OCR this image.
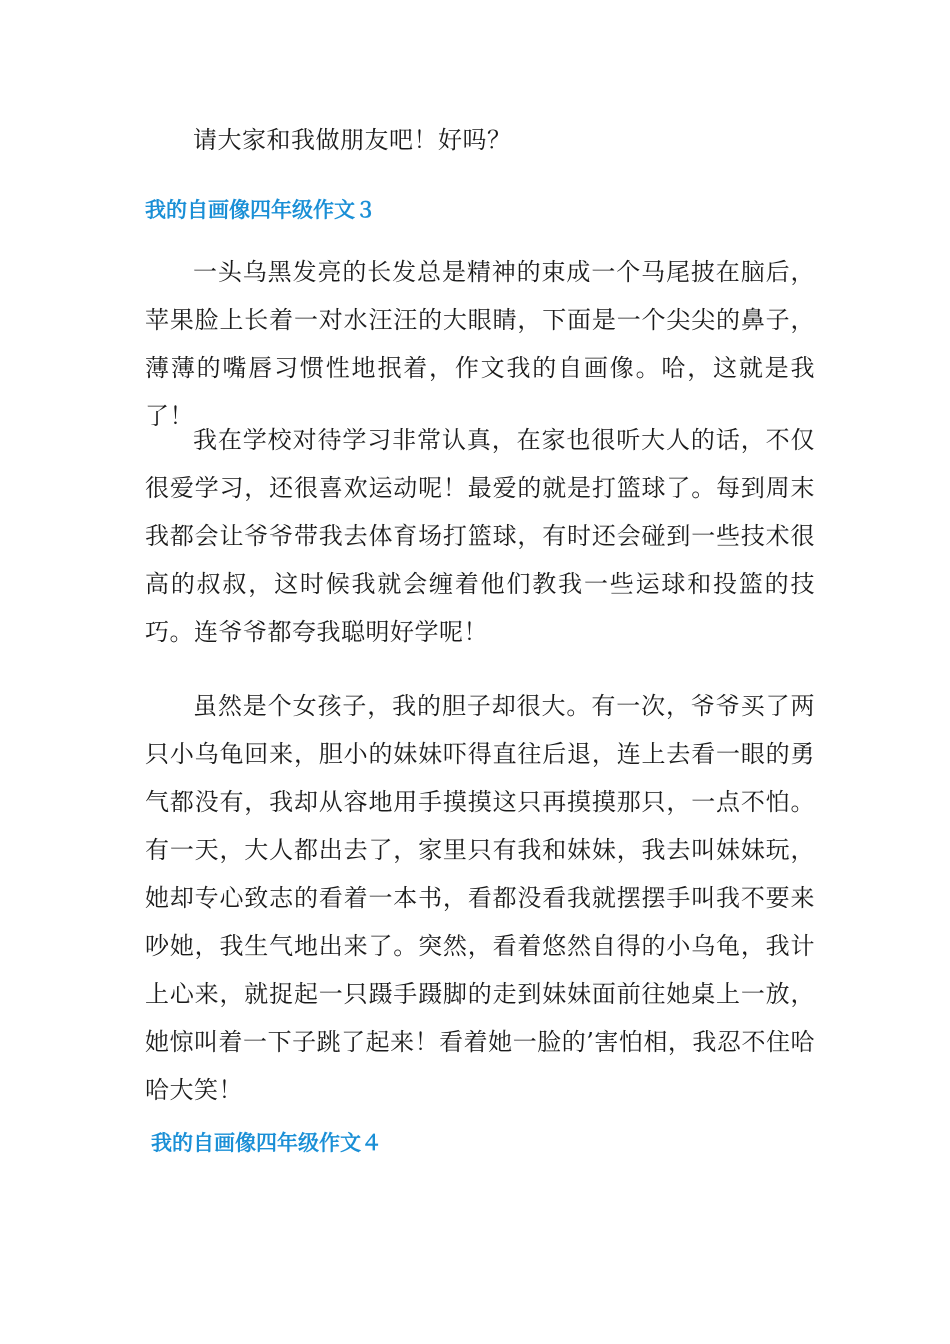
请大家和我做朋友吧！好吗？

我的自画像四年级作文３

一头乌黑发亮的长发总是精神的束成一个马尾披在脑后，苹果脸上长着一对水汪汪的大眼睛，下面是一个尖尖的鼻子，薄薄的嘴唇习惯性地抿着，作文我的自画像。哈，这就是我了！

我在学校对待学习非常认真，在家也很听大人的话，不仅很爱学习，还很喜欢运动呢！最爱的就是打篮球了。每到周末我都会让爷爷带我去体育场打篮球，有时还会碰到一些技术很高的叔叔，这时候我就会缠着他们教我一些运球和投篮的技巧。连爷爷都夸我聪明好学呢！

虽然是个女孩子，我的胆子却很大。有一次，爷爷买了两只小乌龟回来，胆小的妹妹吓得直往后退，连上去看一眼的勇气都没有，我却从容地用手摸摸这只再摸摸那只，一点不怕。有一天，大人都出去了，家里只有我和妹妹，我去叫妹妹玩，她却专心致志的看着一本书，看都没看我就摆摆手叫我不要来吵她，我生气地出来了。突然，看着悠然自得的小乌龟，我计上心来，就捉起一只蹑手蹑脚的走到妹妹面前往她桌上一放，她惊叫着一下子跳了起来！看着她一脸的’害怕相，我忍不住哈哈大笑！

我的自画像四年级作文４
